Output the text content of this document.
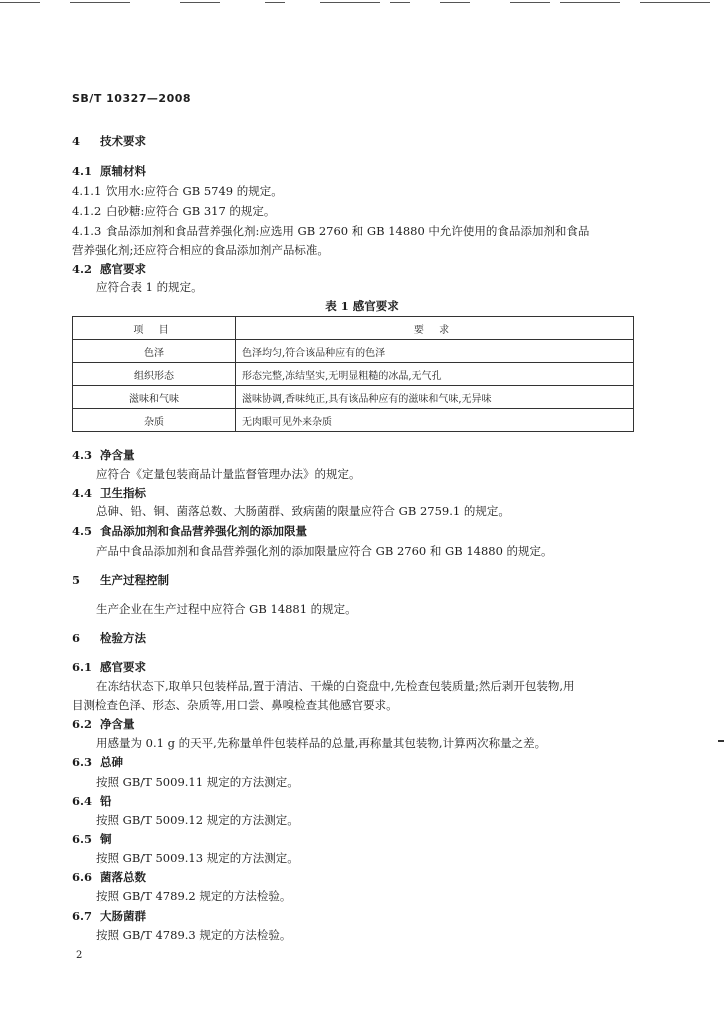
SB/T 10327—2008
4 技术要求
4.1 原辅材料
4.1.1 饮用水:应符合 GB 5749 的规定。
4.1.2 白砂糖:应符合 GB 317 的规定。
4.1.3 食品添加剂和食品营养强化剂:应选用 GB 2760 和 GB 14880 中允许使用的食品添加剂和食品
营养强化剂;还应符合相应的食品添加剂产品标准。
4.2 感官要求
应符合表 1 的规定。
表 1 感官要求
项 目	要 求
色泽	色泽均匀,符合该品种应有的色泽
组织形态	形态完整,冻结坚实,无明显粗糙的冰晶,无气孔
滋味和气味	滋味协调,香味纯正,具有该品种应有的滋味和气味,无异味
杂质	无肉眼可见外来杂质
4.3 净含量
应符合《定量包装商品计量监督管理办法》的规定。
4.4 卫生指标
总砷、铅、铜、菌落总数、大肠菌群、致病菌的限量应符合 GB 2759.1 的规定。
4.5 食品添加剂和食品营养强化剂的添加限量
产品中食品添加剂和食品营养强化剂的添加限量应符合 GB 2760 和 GB 14880 的规定。
5 生产过程控制
生产企业在生产过程中应符合 GB 14881 的规定。
6 检验方法
6.1 感官要求
在冻结状态下,取单只包装样品,置于清洁、干燥的白瓷盘中,先检查包装质量;然后剥开包装物,用
目测检查色泽、形态、杂质等,用口尝、鼻嗅检查其他感官要求。
6.2 净含量
用感量为 0.1 g 的天平,先称量单件包装样品的总量,再称量其包装物,计算两次称量之差。
6.3 总砷
按照 GB/T 5009.11 规定的方法测定。
6.4 铅
按照 GB/T 5009.12 规定的方法测定。
6.5 铜
按照 GB/T 5009.13 规定的方法测定。
6.6 菌落总数
按照 GB/T 4789.2 规定的方法检验。
6.7 大肠菌群
按照 GB/T 4789.3 规定的方法检验。
2
